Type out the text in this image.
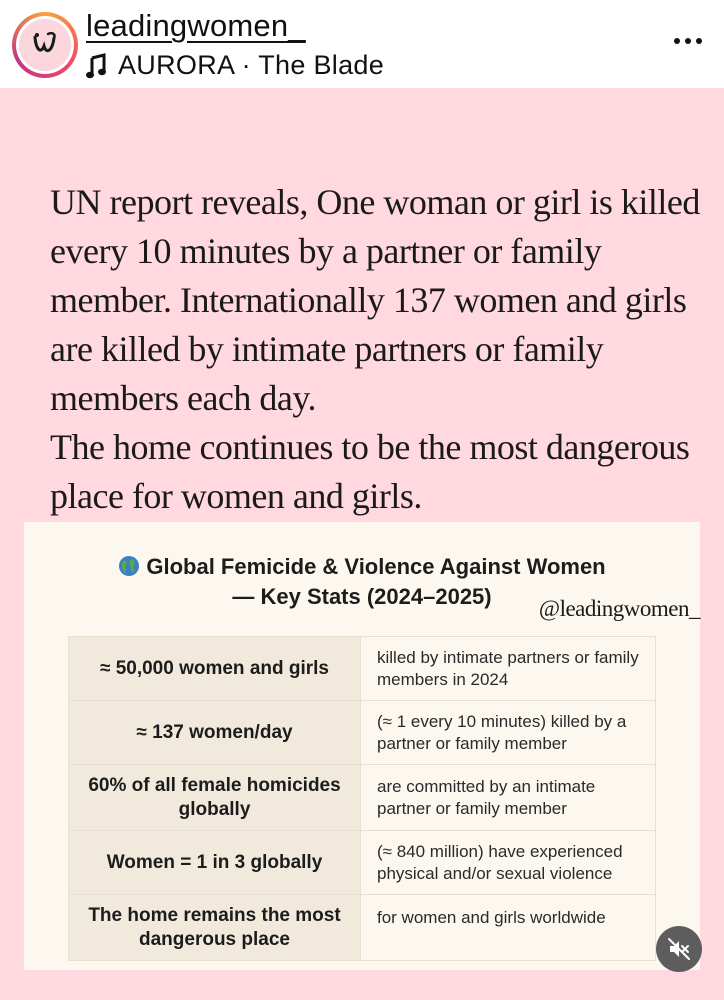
leadingwomen_
AURORA · The Blade

UN report reveals, One woman or girl is killed every 10 minutes by a partner or family member. Internationally 137 women and girls are killed by intimate partners or family members each day.

The home continues to be the most dangerous place for women and girls.

Global Femicide & Violence Against Women
— Key Stats (2024–2025)	@leadingwomen_
≈ 50,000 women and girls	killed by intimate partners or family members in 2024
≈ 137 women/day	(≈ 1 every 10 minutes) killed by a partner or family member
60% of all female homicides globally	are committed by an intimate partner or family member
Women = 1 in 3 globally	(≈ 840 million) have experienced physical and/or sexual violence
The home remains the most dangerous place	for women and girls worldwide
